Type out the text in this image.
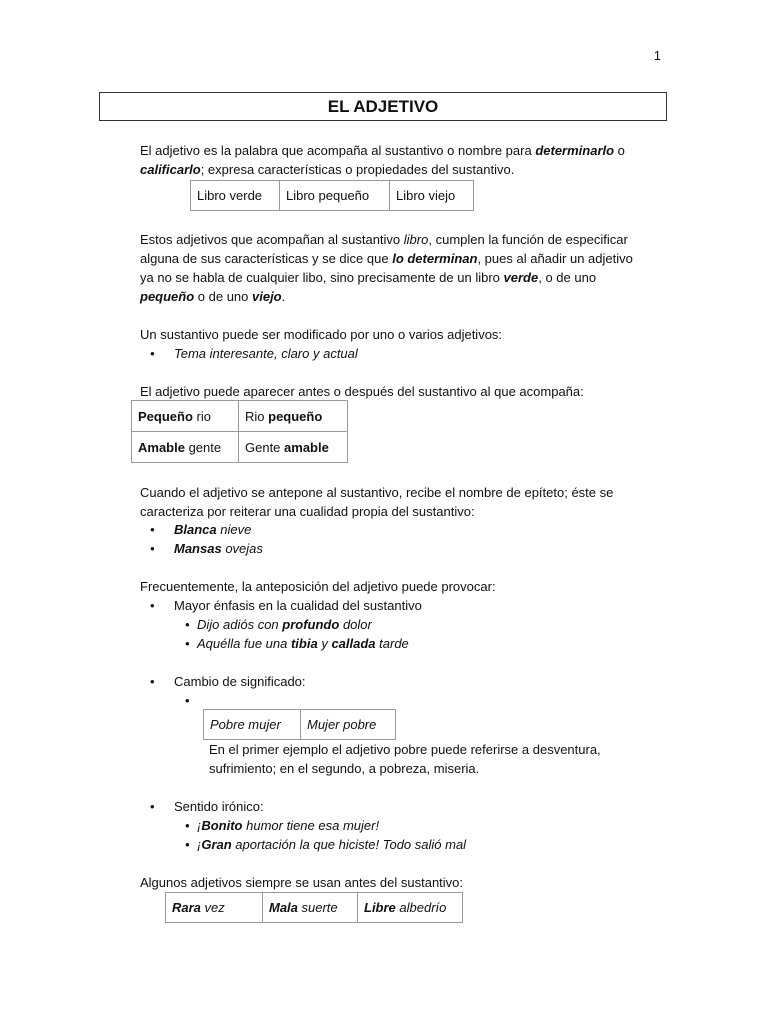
1
EL ADJETIVO
El adjetivo es la palabra que acompaña al sustantivo o nombre para determinarlo o
calificarlo; expresa características o propiedades del sustantivo.
Libro verde	Libro pequeño	Libro viejo
Estos adjetivos que acompañan al sustantivo libro, cumplen la función de especificar
alguna de sus características y se dice que lo determinan, pues al añadir un adjetivo
ya no se habla de cualquier libo, sino precisamente de un libro verde, o de uno
pequeño o de uno viejo.
Un sustantivo puede ser modificado por uno o varios adjetivos:
• Tema interesante, claro y actual
El adjetivo puede aparecer antes o después del sustantivo al que acompaña:
Pequeño rio	Rio pequeño
Amable gente	Gente amable
Cuando el adjetivo se antepone al sustantivo, recibe el nombre de epíteto; éste se
caracteriza por reiterar una cualidad propia del sustantivo:
• Blanca nieve
• Mansas ovejas
Frecuentemente, la anteposición del adjetivo puede provocar:
• Mayor énfasis en la cualidad del sustantivo
• Dijo adiós con profundo dolor
• Aquélla fue una tibia y callada tarde
• Cambio de significado:
•
Pobre mujer	Mujer pobre
En el primer ejemplo el adjetivo pobre puede referirse a desventura,
sufrimiento; en el segundo, a pobreza, miseria.
• Sentido irónico:
• ¡Bonito humor tiene esa mujer!
• ¡Gran aportación la que hiciste! Todo salió mal
Algunos adjetivos siempre se usan antes del sustantivo:
Rara vez	Mala suerte	Libre albedrío
